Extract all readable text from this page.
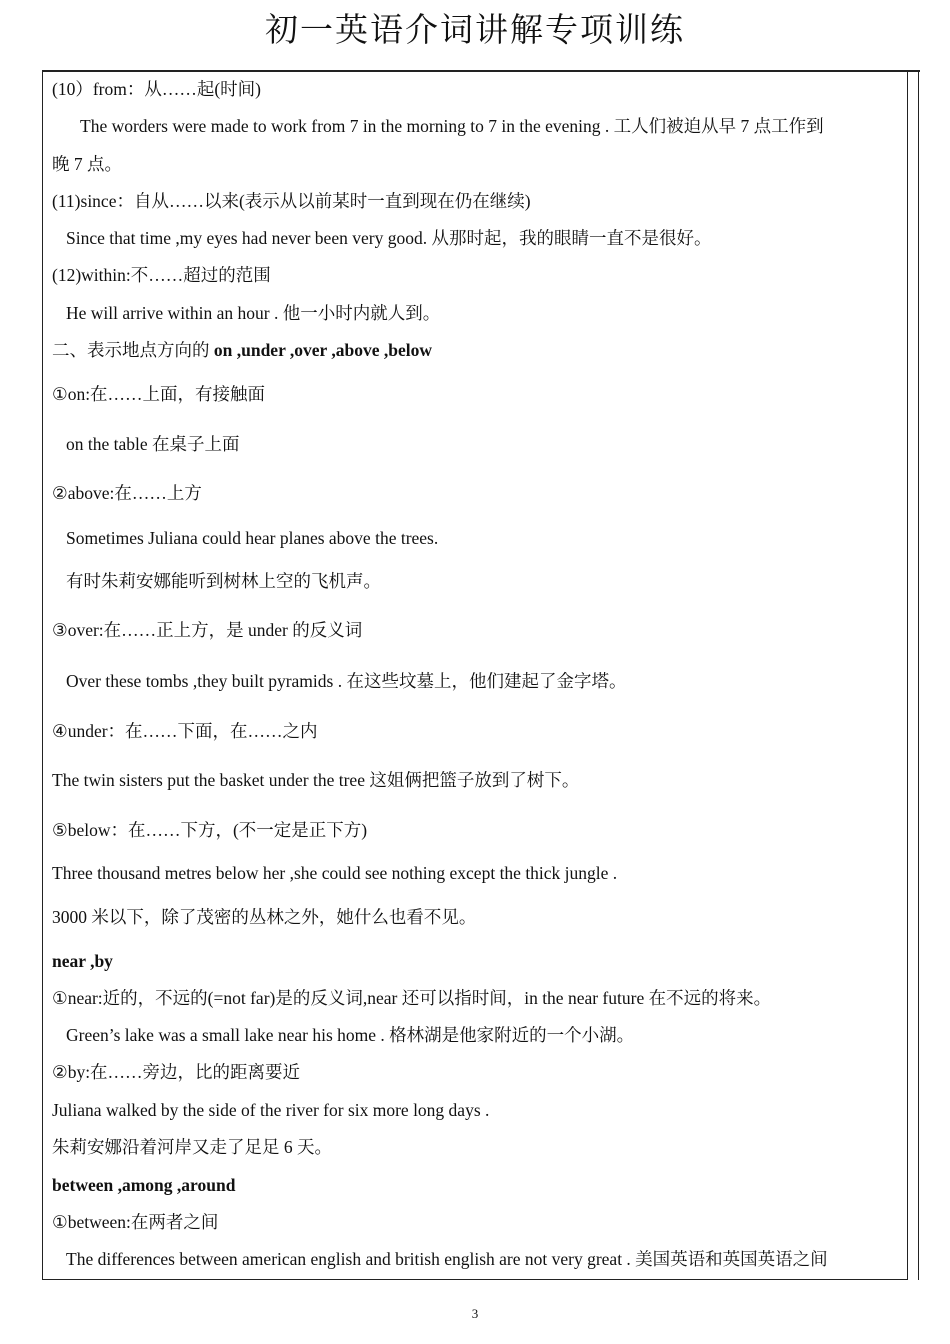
初一英语介词讲解专项训练
(10）from：从……起(时间)
The worders were made to work from 7 in the morning to 7 in the evening . 工人们被迫从早 7 点工作到
晚 7 点。
(11)since：自从……以来(表示从以前某时一直到现在仍在继续)
Since that time ,my eyes had never been very good. 从那时起，我的眼睛一直不是很好。
(12)within:不……超过的范围
He will arrive within an hour . 他一小时内就人到。
二、表示地点方向的 on ,under ,over ,above ,below
①on:在……上面，有接触面
on the table 在桌子上面
②above:在……上方
Sometimes Juliana could hear planes above the trees.
有时朱莉安娜能听到树林上空的飞机声。
③over:在……正上方，是 under 的反义词
Over these tombs ,they built pyramids . 在这些坟墓上，他们建起了金字塔。
④under：在……下面，在……之内
The twin sisters put the basket under the tree 这姐俩把篮子放到了树下。
⑤below：在……下方，(不一定是正下方)
Three thousand metres below her ,she could see nothing except the thick jungle .
3000 米以下，除了茂密的丛林之外，她什么也看不见。
near ,by
①near:近的，不远的(=not far)是的反义词,near 还可以指时间，in the near future 在不远的将来。
Green’s lake was a small lake near his home . 格林湖是他家附近的一个小湖。
②by:在……旁边，比的距离要近
Juliana walked by the side of the river for six more long days .
朱莉安娜沿着河岸又走了足足 6 天。
between ,among ,around
①between:在两者之间
The differences between american english and british english are not very great . 美国英语和英国英语之间
3
